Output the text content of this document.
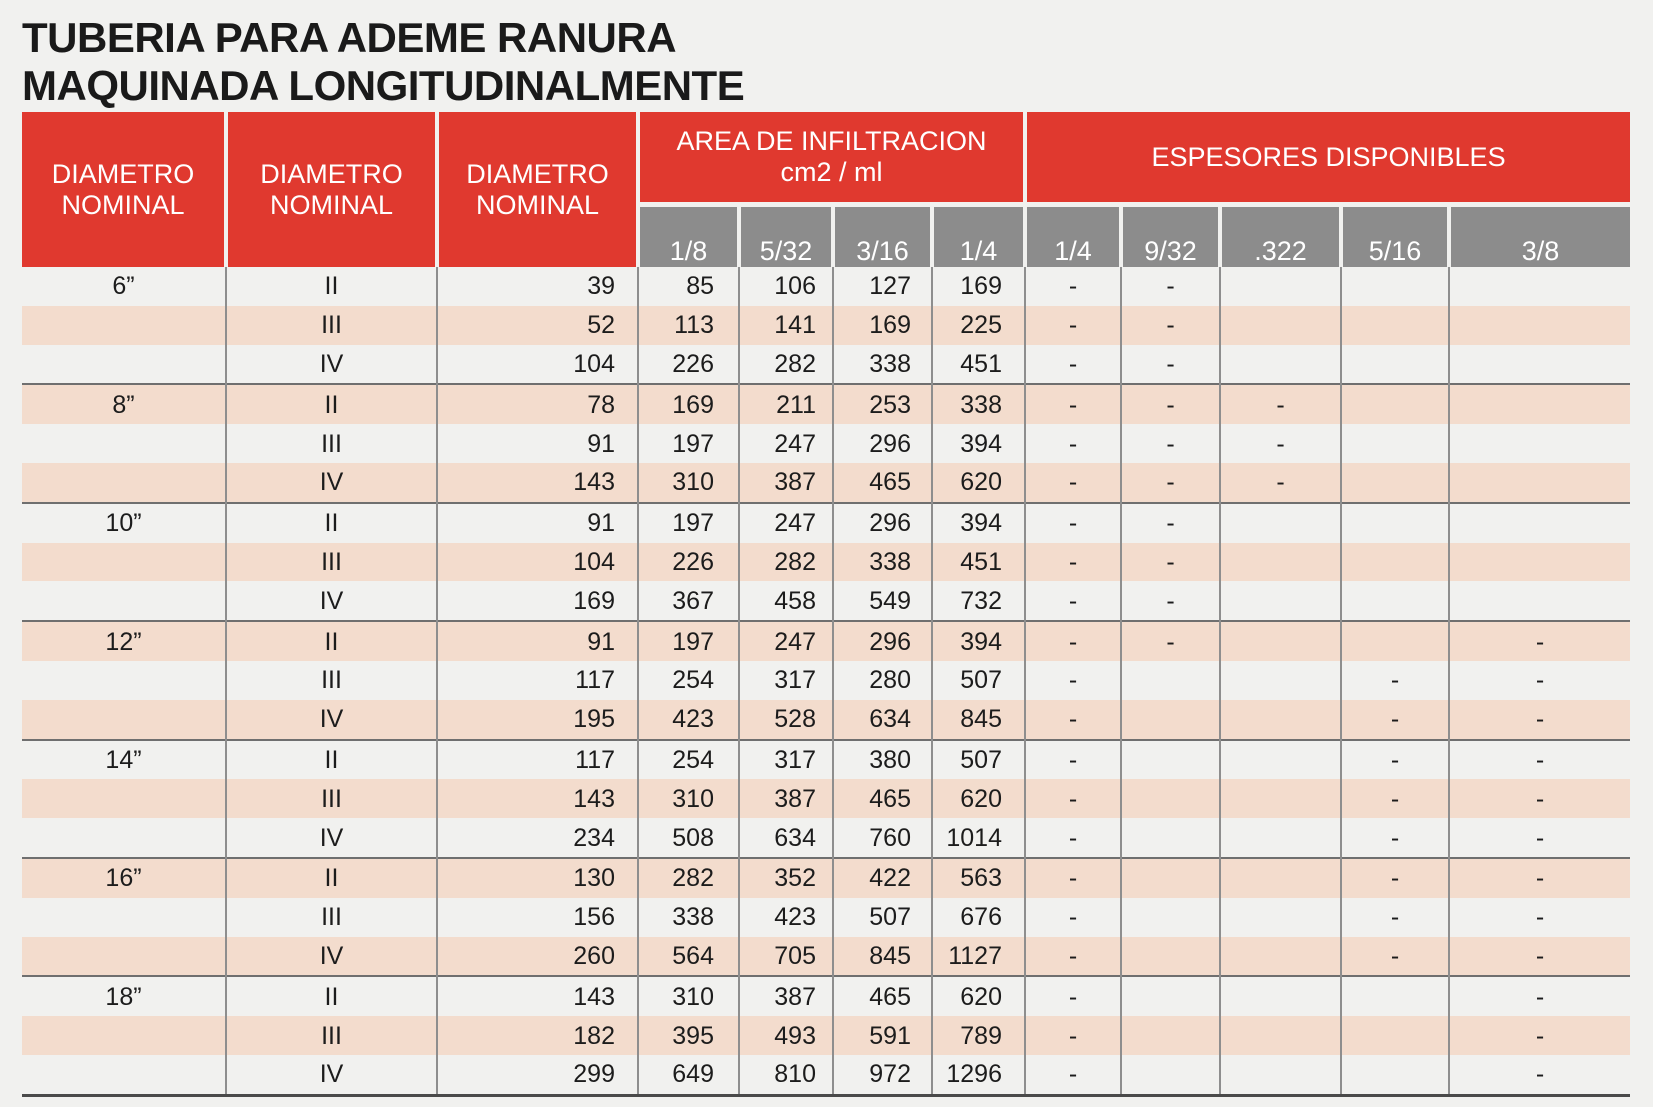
TUBERIA PARA ADEME RANURA
MAQUINADA LONGITUDINALMENTE
DIAMETRO NOMINAL	DIAMETRO NOMINAL	DIAMETRO NOMINAL	AREA DE INFILTRACION
cm2 / ml				ESPESORES DISPONIBLES				
			1/8	5/32	3/16	1/4	1/4	9/32	.322	5/16	3/8
6”	II	39	85	106	127	169	-	-			
	III	52	113	141	169	225	-	-			
	IV	104	226	282	338	451	-	-			
8”	II	78	169	211	253	338	-	-	-		
	III	91	197	247	296	394	-	-	-		
	IV	143	310	387	465	620	-	-	-		
10”	II	91	197	247	296	394	-	-			
	III	104	226	282	338	451	-	-			
	IV	169	367	458	549	732	-	-			
12”	II	91	197	247	296	394	-	-			-
	III	117	254	317	280	507	-			-	-
	IV	195	423	528	634	845	-			-	-
14”	II	117	254	317	380	507	-			-	-
	III	143	310	387	465	620	-			-	-
	IV	234	508	634	760	1014	-			-	-
16”	II	130	282	352	422	563	-			-	-
	III	156	338	423	507	676	-			-	-
	IV	260	564	705	845	1127	-			-	-
18”	II	143	310	387	465	620	-				-
	III	182	395	493	591	789	-				-
	IV	299	649	810	972	1296	-				-
